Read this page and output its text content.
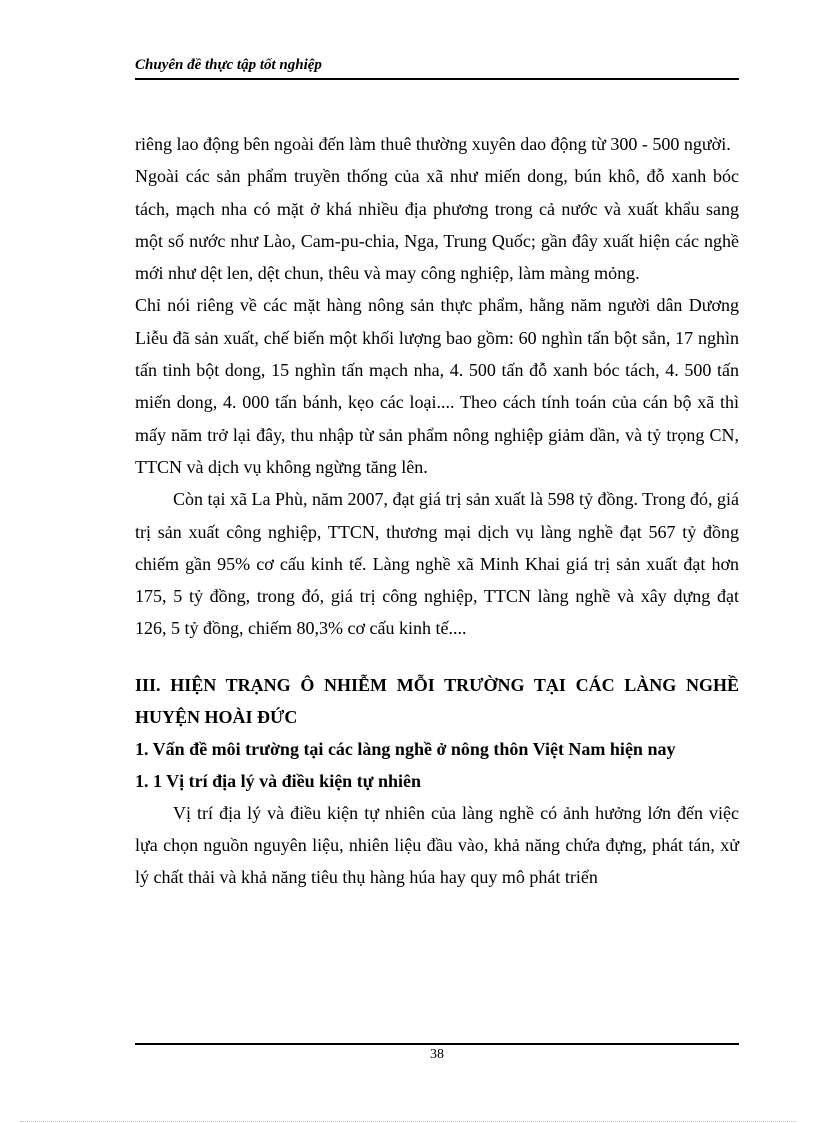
Chuyên đề thực tập tốt nghiệp

riêng lao động bên ngoài đến làm thuê thường xuyên dao động từ 300 - 500 người.

Ngoài các sản phẩm truyền thống của xã như miến dong, bún khô, đỗ xanh bóc tách, mạch nha có mặt ở khá nhiều địa phương trong cả nước và xuất khẩu sang một số nước như Lào, Cam-pu-chia, Nga, Trung Quốc; gần đây xuất hiện các nghề mới như dệt len, dệt chun, thêu và may công nghiệp, làm màng mỏng.

Chỉ nói riêng về các mặt hàng nông sản thực phẩm, hằng năm người dân Dương Liễu đã sản xuất, chế biến một khối lượng bao gồm: 60 nghìn tấn bột sắn, 17 nghìn tấn tinh bột dong, 15 nghìn tấn mạch nha, 4. 500 tấn đỗ xanh bóc tách, 4. 500 tấn miến dong, 4. 000 tấn bánh, kẹo các loại.... Theo cách tính toán của cán bộ xã thì mấy năm trở lại đây, thu nhập từ sản phẩm nông nghiệp giảm dần, và tỷ trọng CN, TTCN và dịch vụ không ngừng tăng lên.

Còn tại xã La Phù, năm 2007, đạt giá trị sản xuất là 598 tỷ đồng. Trong đó, giá trị sản xuất công nghiệp, TTCN, thương mại dịch vụ làng nghề đạt 567 tỷ đồng chiếm gần 95% cơ cấu kinh tế. Làng nghề xã Minh Khai giá trị sản xuất đạt hơn 175, 5 tỷ đồng, trong đó, giá trị công nghiệp, TTCN làng nghề và xây dựng đạt 126, 5 tỷ đồng, chiếm 80,3% cơ cấu kinh tế....

III. HIỆN TRẠNG Ô NHIỄM MỖI TRƯỜNG TẠI CÁC LÀNG NGHỀ HUYỆN HOÀI ĐỨC

1. Vấn đề môi trường tại các làng nghề ở nông thôn Việt Nam hiện nay

1. 1 Vị trí địa lý và điều kiện tự nhiên

Vị trí địa lý và điều kiện tự nhiên của làng nghề có ảnh hưởng lớn đến việc lựa chọn nguồn nguyên liệu, nhiên liệu đầu vào, khả năng chứa đựng, phát tán, xử lý chất thải và khả năng tiêu thụ hàng húa hay quy mô phát triển

38
